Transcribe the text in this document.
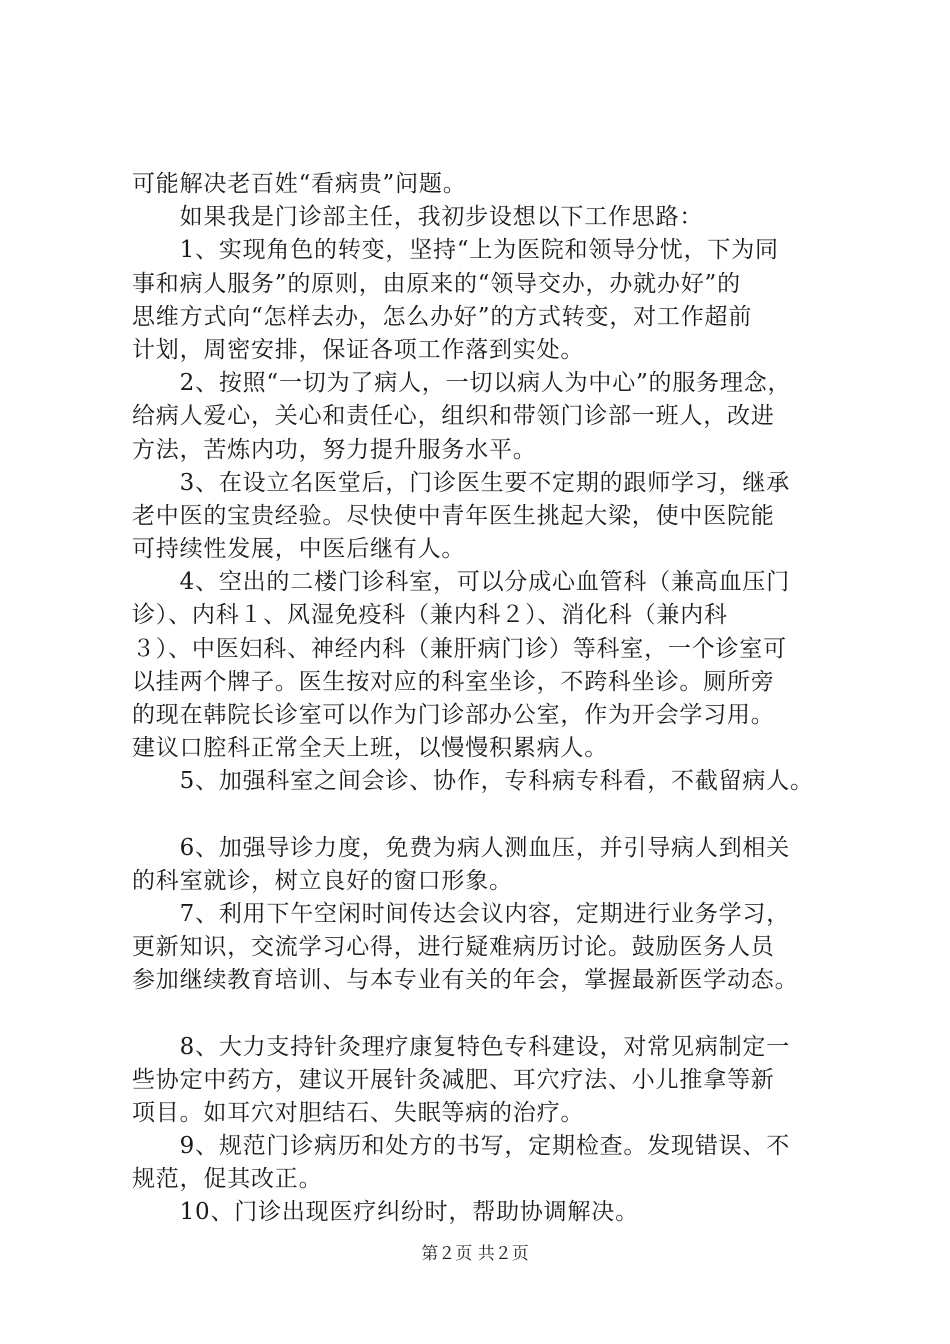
可能解决老百姓“看病贵”问题。
　　如果我是门诊部主任，我初步设想以下工作思路：
　　1、实现角色的转变，坚持“上为医院和领导分忧，下为同
事和病人服务”的原则，由原来的“领导交办，办就办好”的
思维方式向“怎样去办，怎么办好”的方式转变，对工作超前
计划，周密安排，保证各项工作落到实处。
　　2、按照“一切为了病人，一切以病人为中心”的服务理念，
给病人爱心，关心和责任心，组织和带领门诊部一班人，改进
方法，苦炼内功，努力提升服务水平。
　　3、在设立名医堂后，门诊医生要不定期的跟师学习，继承
老中医的宝贵经验。尽快使中青年医生挑起大梁，使中医院能
可持续性发展，中医后继有人。
　　4、空出的二楼门诊科室，可以分成心血管科（兼高血压门
诊）、内科１、风湿免疫科（兼内科２）、消化科（兼内科
３）、中医妇科、神经内科（兼肝病门诊）等科室，一个诊室可
以挂两个牌子。医生按对应的科室坐诊，不跨科坐诊。厕所旁
的现在韩院长诊室可以作为门诊部办公室，作为开会学习用。
建议口腔科正常全天上班，以慢慢积累病人。
　　5、加强科室之间会诊、协作，专科病专科看，不截留病人。
　　6、加强导诊力度，免费为病人测血压，并引导病人到相关
的科室就诊，树立良好的窗口形象。
　　7、利用下午空闲时间传达会议内容，定期进行业务学习，
更新知识，交流学习心得，进行疑难病历讨论。鼓励医务人员
参加继续教育培训、与本专业有关的年会，掌握最新医学动态。
　　8、大力支持针灸理疗康复特色专科建设，对常见病制定一
些协定中药方，建议开展针灸减肥、耳穴疗法、小儿推拿等新
项目。如耳穴对胆结石、失眠等病的治疗。
　　9、规范门诊病历和处方的书写，定期检查。发现错误、不
规范，促其改正。
　　10、门诊出现医疗纠纷时，帮助协调解决。
第２页 共２页
